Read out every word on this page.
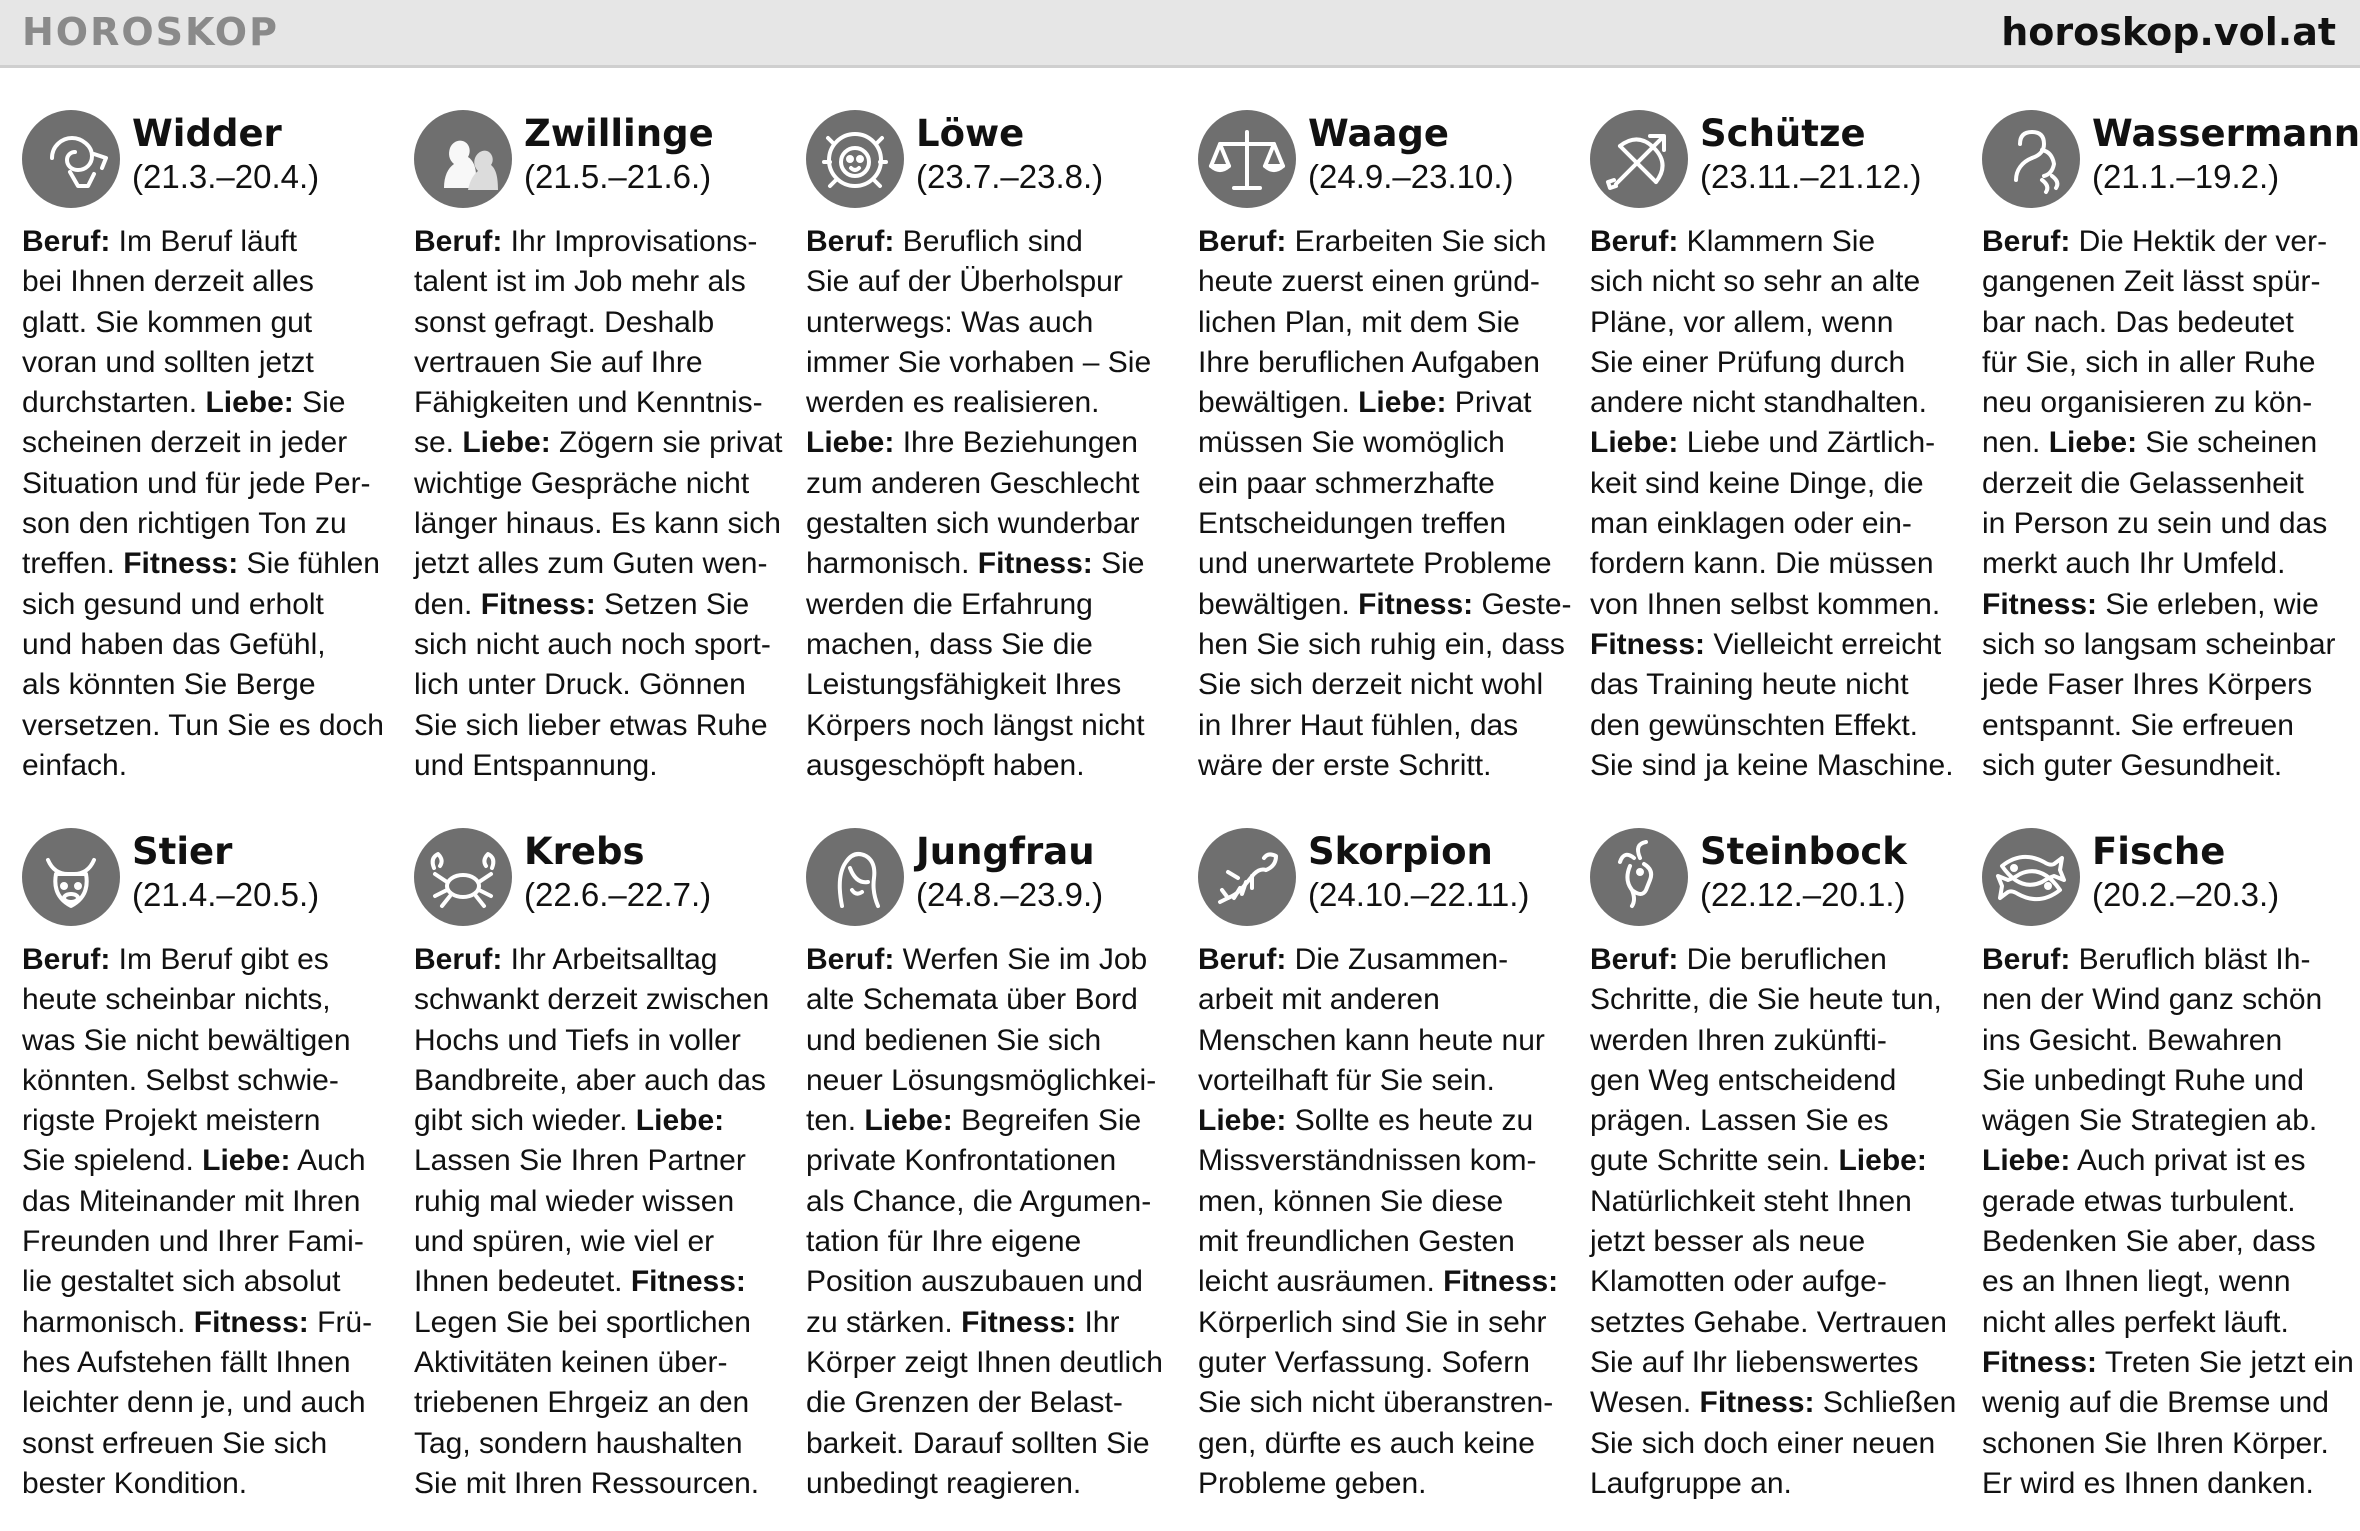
HOROSKOP	horoskop.vol.at
Widder
(21.3.–20.4.)
Beruf: Im Beruf läuft
bei Ihnen derzeit alles
glatt. Sie kommen gut
voran und sollten jetzt
durchstarten. Liebe: Sie
scheinen derzeit in jeder
Situation und für jede Per-
son den richtigen Ton zu
treffen. Fitness: Sie fühlen
sich gesund und erholt
und haben das Gefühl,
als könnten Sie Berge
versetzen. Tun Sie es doch
einfach.
Zwillinge
(21.5.–21.6.)
Beruf: Ihr Improvisations-
talent ist im Job mehr als
sonst gefragt. Deshalb
vertrauen Sie auf Ihre
Fähigkeiten und Kenntnis-
se. Liebe: Zögern sie privat
wichtige Gespräche nicht
länger hinaus. Es kann sich
jetzt alles zum Guten wen-
den. Fitness: Setzen Sie
sich nicht auch noch sport-
lich unter Druck. Gönnen
Sie sich lieber etwas Ruhe
und Entspannung.
Löwe
(23.7.–23.8.)
Beruf: Beruflich sind
Sie auf der Überholspur
unterwegs: Was auch
immer Sie vorhaben – Sie
werden es realisieren.
Liebe: Ihre Beziehungen
zum anderen Geschlecht
gestalten sich wunderbar
harmonisch. Fitness: Sie
werden die Erfahrung
machen, dass Sie die
Leistungsfähigkeit Ihres
Körpers noch längst nicht
ausgeschöpft haben.
Waage
(24.9.–23.10.)
Beruf: Erarbeiten Sie sich
heute zuerst einen gründ-
lichen Plan, mit dem Sie
Ihre beruflichen Aufgaben
bewältigen. Liebe: Privat
müssen Sie womöglich
ein paar schmerzhafte
Entscheidungen treffen
und unerwartete Probleme
bewältigen. Fitness: Geste-
hen Sie sich ruhig ein, dass
Sie sich derzeit nicht wohl
in Ihrer Haut fühlen, das
wäre der erste Schritt.
Schütze
(23.11.–21.12.)
Beruf: Klammern Sie
sich nicht so sehr an alte
Pläne, vor allem, wenn
Sie einer Prüfung durch
andere nicht standhalten.
Liebe: Liebe und Zärtlich-
keit sind keine Dinge, die
man einklagen oder ein-
fordern kann. Die müssen
von Ihnen selbst kommen.
Fitness: Vielleicht erreicht
das Training heute nicht
den gewünschten Effekt.
Sie sind ja keine Maschine.
Wassermann
(21.1.–19.2.)
Beruf: Die Hektik der ver-
gangenen Zeit lässt spür-
bar nach. Das bedeutet
für Sie, sich in aller Ruhe
neu organisieren zu kön-
nen. Liebe: Sie scheinen
derzeit die Gelassenheit
in Person zu sein und das
merkt auch Ihr Umfeld.
Fitness: Sie erleben, wie
sich so langsam scheinbar
jede Faser Ihres Körpers
entspannt. Sie erfreuen
sich guter Gesundheit.
Stier
(21.4.–20.5.)
Beruf: Im Beruf gibt es
heute scheinbar nichts,
was Sie nicht bewältigen
könnten. Selbst schwie-
rigste Projekt meistern
Sie spielend. Liebe: Auch
das Miteinander mit Ihren
Freunden und Ihrer Fami-
lie gestaltet sich absolut
harmonisch. Fitness: Frü-
hes Aufstehen fällt Ihnen
leichter denn je, und auch
sonst erfreuen Sie sich
bester Kondition.
Krebs
(22.6.–22.7.)
Beruf: Ihr Arbeitsalltag
schwankt derzeit zwischen
Hochs und Tiefs in voller
Bandbreite, aber auch das
gibt sich wieder. Liebe:
Lassen Sie Ihren Partner
ruhig mal wieder wissen
und spüren, wie viel er
Ihnen bedeutet. Fitness:
Legen Sie bei sportlichen
Aktivitäten keinen über-
triebenen Ehrgeiz an den
Tag, sondern haushalten
Sie mit Ihren Ressourcen.
Jungfrau
(24.8.–23.9.)
Beruf: Werfen Sie im Job
alte Schemata über Bord
und bedienen Sie sich
neuer Lösungsmöglichkei-
ten. Liebe: Begreifen Sie
private Konfrontationen
als Chance, die Argumen-
tation für Ihre eigene
Position auszubauen und
zu stärken. Fitness: Ihr
Körper zeigt Ihnen deutlich
die Grenzen der Belast-
barkeit. Darauf sollten Sie
unbedingt reagieren.
Skorpion
(24.10.–22.11.)
Beruf: Die Zusammen-
arbeit mit anderen
Menschen kann heute nur
vorteilhaft für Sie sein.
Liebe: Sollte es heute zu
Missverständnissen kom-
men, können Sie diese
mit freundlichen Gesten
leicht ausräumen. Fitness:
Körperlich sind Sie in sehr
guter Verfassung. Sofern
Sie sich nicht überanstren-
gen, dürfte es auch keine
Probleme geben.
Steinbock
(22.12.–20.1.)
Beruf: Die beruflichen
Schritte, die Sie heute tun,
werden Ihren zukünfti-
gen Weg entscheidend
prägen. Lassen Sie es
gute Schritte sein. Liebe:
Natürlichkeit steht Ihnen
jetzt besser als neue
Klamotten oder aufge-
setztes Gehabe. Vertrauen
Sie auf Ihr liebenswertes
Wesen. Fitness: Schließen
Sie sich doch einer neuen
Laufgruppe an.
Fische
(20.2.–20.3.)
Beruf: Beruflich bläst Ih-
nen der Wind ganz schön
ins Gesicht. Bewahren
Sie unbedingt Ruhe und
wägen Sie Strategien ab.
Liebe: Auch privat ist es
gerade etwas turbulent.
Bedenken Sie aber, dass
es an Ihnen liegt, wenn
nicht alles perfekt läuft.
Fitness: Treten Sie jetzt ein
wenig auf die Bremse und
schonen Sie Ihren Körper.
Er wird es Ihnen danken.
